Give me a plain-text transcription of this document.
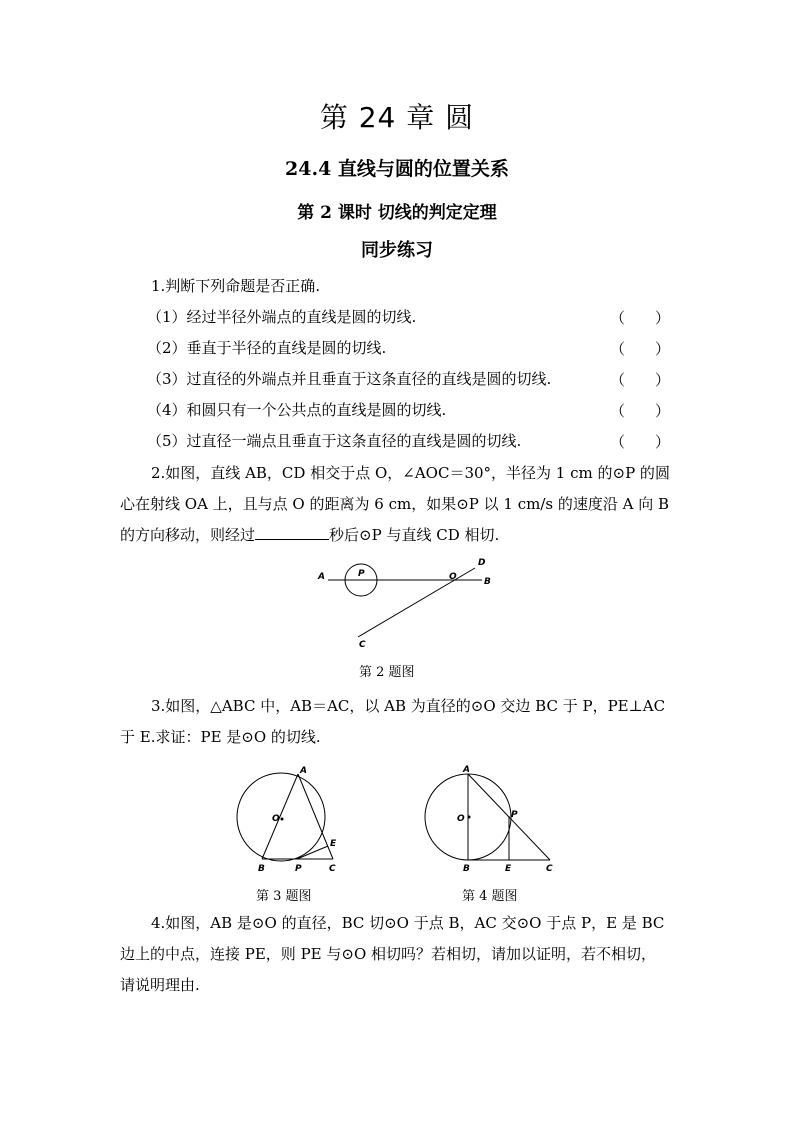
第 24 章 圆
24.4 直线与圆的位置关系
第 2 课时 切线的判定定理
同步练习
1.判断下列命题是否正确.
（1）经过半径外端点的直线是圆的切线.	（　　）
（2）垂直于半径的直线是圆的切线.	（　　）
（3）过直径的外端点并且垂直于这条直径的直线是圆的切线.	（　　）
（4）和圆只有一个公共点的直线是圆的切线.	（　　）
（5）过直径一端点且垂直于这条直径的直线是圆的切线.	（　　）
2.如图，直线 AB，CD 相交于点 O，∠AOC＝30°，半径为 1 cm 的⊙P 的圆
心在射线 OA 上，且与点 O 的距离为 6 cm，如果⊙P 以 1 cm/s 的速度沿 A 向 B
的方向移动，则经过	秒后⊙P 与直线 CD 相切.
A	P	O	B
D
C
第 2 题图
3.如图，△ABC 中，AB＝AC，以 AB 为直径的⊙O 交边 BC 于 P，PE⊥AC
于 E.求证：PE 是⊙O 的切线.
A
O
B	P	C
E
第 3 题图
A
O	P
B	E	C
第 4 题图
4.如图，AB 是⊙O 的直径，BC 切⊙O 于点 B，AC 交⊙O 于点 P，E 是 BC
边上的中点，连接 PE，则 PE 与⊙O 相切吗？若相切，请加以证明，若不相切，
请说明理由.
